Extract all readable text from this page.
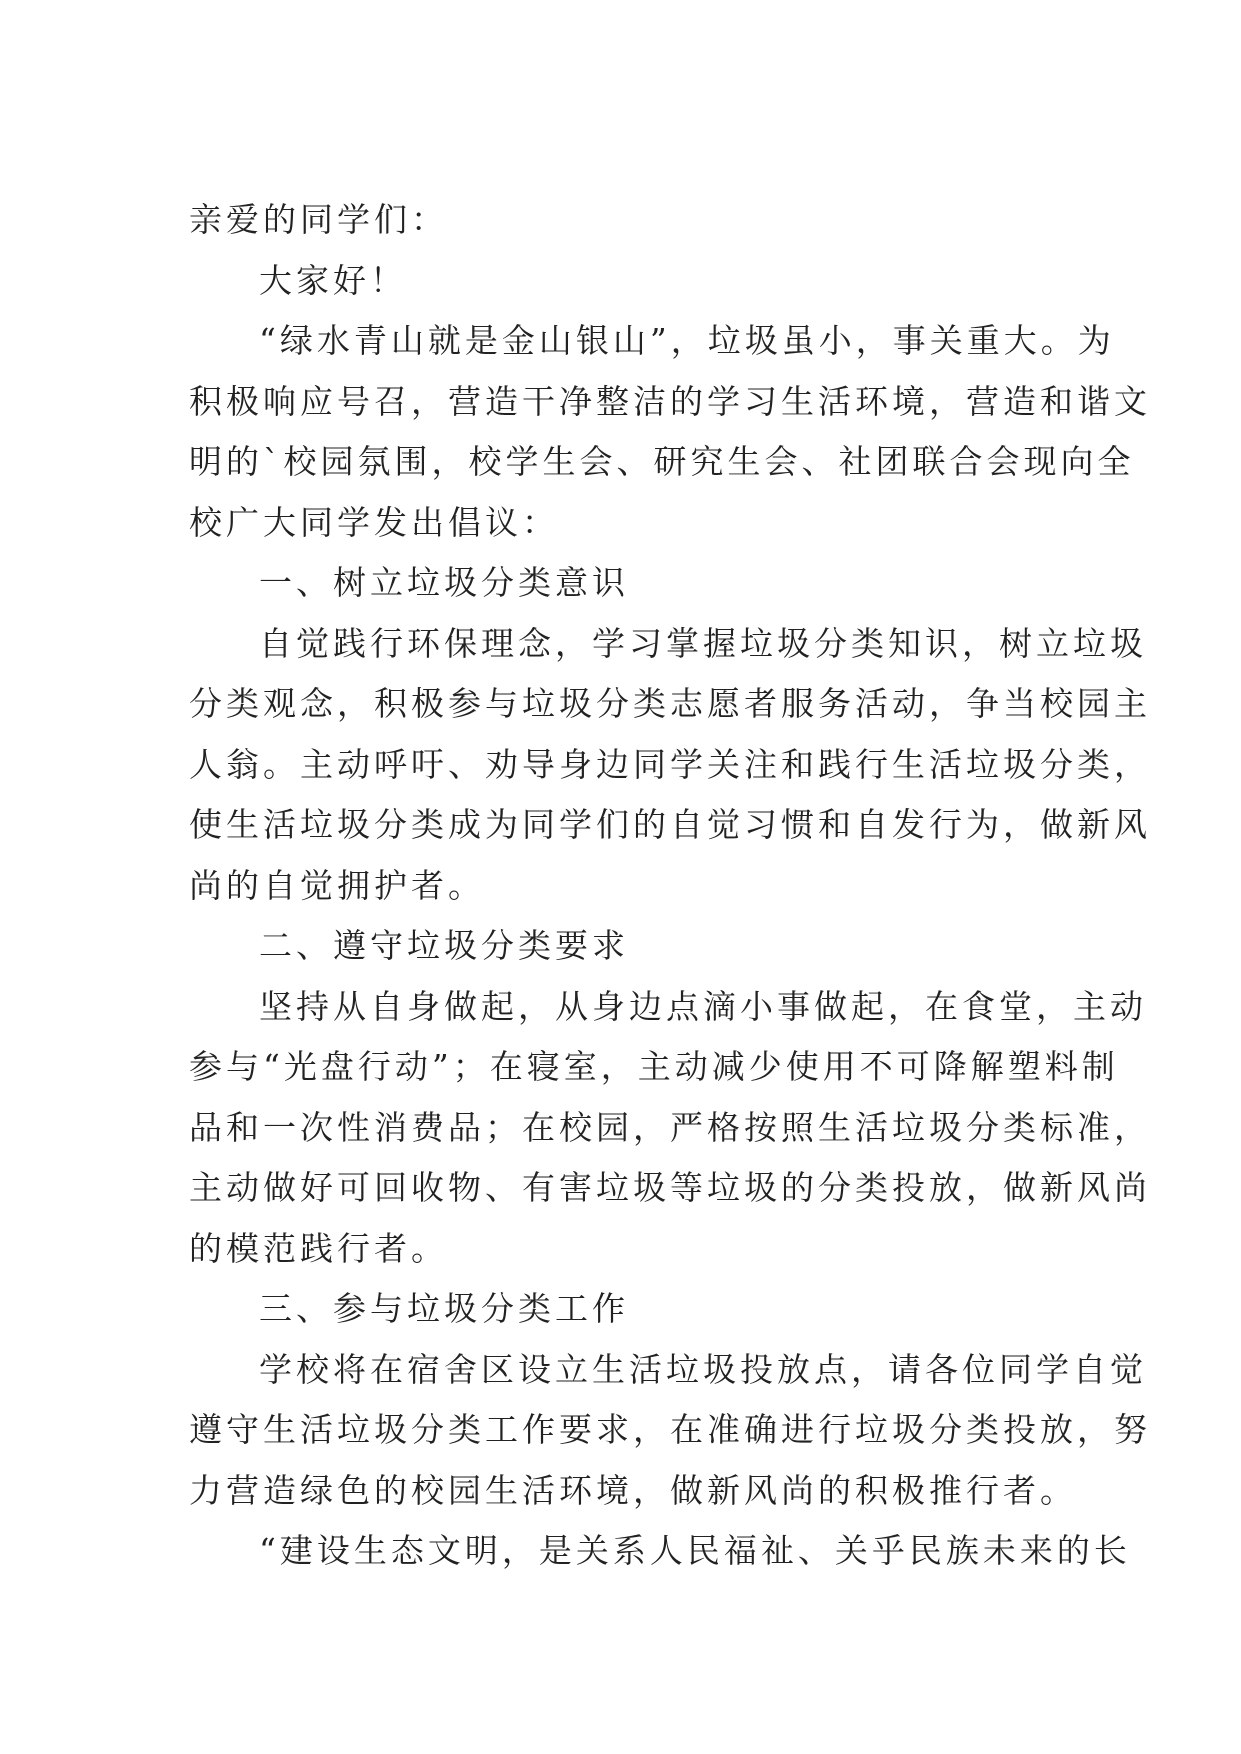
亲爱的同学们：
大家好！
“绿水青山就是金山银山”，垃圾虽小，事关重大。为
积极响应号召，营造干净整洁的学习生活环境，营造和谐文
明的`校园氛围，校学生会、研究生会、社团联合会现向全
校广大同学发出倡议：
一、树立垃圾分类意识
自觉践行环保理念，学习掌握垃圾分类知识，树立垃圾
分类观念，积极参与垃圾分类志愿者服务活动，争当校园主
人翁。主动呼吁、劝导身边同学关注和践行生活垃圾分类，
使生活垃圾分类成为同学们的自觉习惯和自发行为，做新风
尚的自觉拥护者。
二、遵守垃圾分类要求
坚持从自身做起，从身边点滴小事做起，在食堂，主动
参与“光盘行动”；在寝室，主动减少使用不可降解塑料制
品和一次性消费品；在校园，严格按照生活垃圾分类标准，
主动做好可回收物、有害垃圾等垃圾的分类投放，做新风尚
的模范践行者。
三、参与垃圾分类工作
学校将在宿舍区设立生活垃圾投放点，请各位同学自觉
遵守生活垃圾分类工作要求，在准确进行垃圾分类投放，努
力营造绿色的校园生活环境，做新风尚的积极推行者。
“建设生态文明，是关系人民福祉、关乎民族未来的长
